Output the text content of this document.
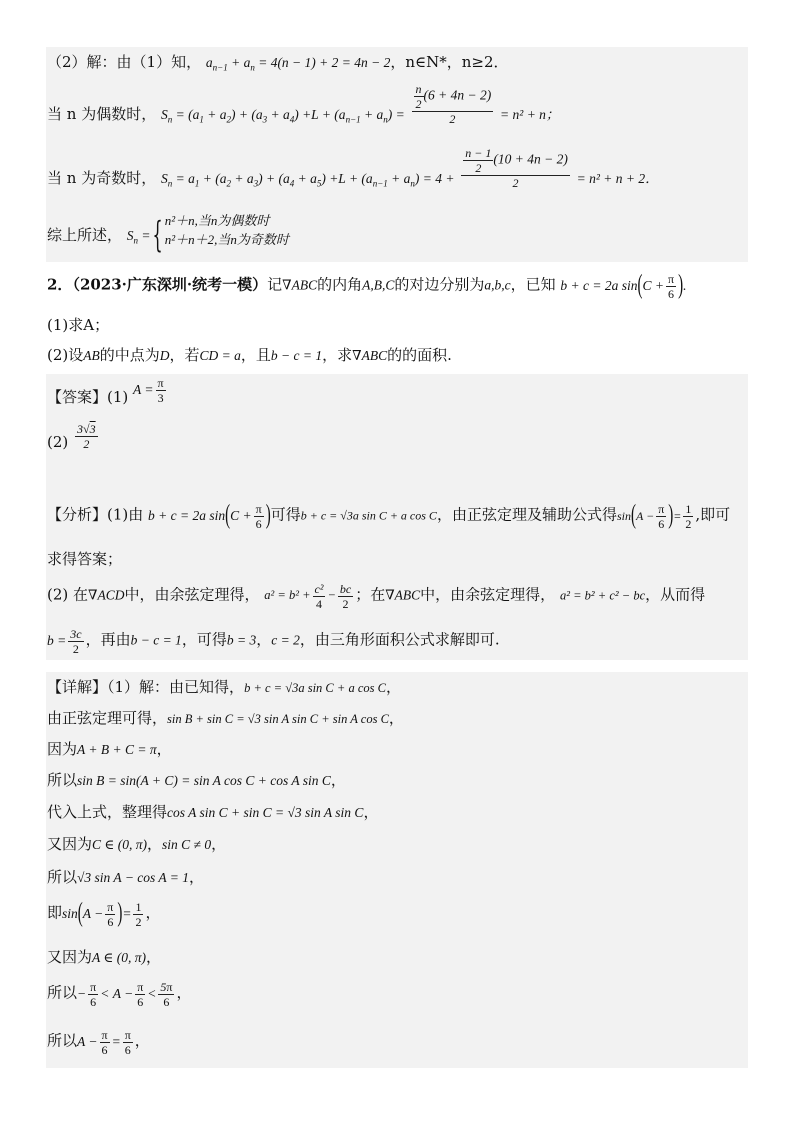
（2）解：由（1）知， $a_{n-1} + a_n = 4(n - 1) + 2 = 4n - 2$，n∈N*，n≥2．
当 n 为偶数时， $S_n = (a_1 + a_2) + (a_3 + a_4) +L + (a_{n-1} + a_n) = \frac{\frac{n}{2} (6 + 4n - 2)}{2} = n^2 + n$；
当 n 为奇数时， $S_n = a_1 + (a_2 + a_3) + (a_4 + a_5) +L + (a_{n-1} + a_n) = 4 + \frac{\frac{n - 1}{2} (10 + 4n - 2)}{2} = n^2 + n + 2$．
综上所述， $S_n$ = { n²＋n,当n为偶数时
n²＋n＋2,当n为奇数时
2．（2023·广东深圳·统考一模）记∇ABC的内角A,B,C的对边分别为a,b,c，已知 b + c = 2a $\sin(C + \frac{\pi}{6}$ ).
(1)求A；
(2)设AB的中点为D，若CD = a，且b − c = 1，求∇ABC的的面积.
【答案】(1) $A = \frac{\pi}{3}$
$(2) \frac{3√3}{2}$
【分析】(1)由 b + c = 2a $\sin(C + \frac{\pi}{6}$ )可得b + c = √3a sin C + a cos C，由正弦定理及辅助公式得$\sin(A - \frac{\pi}{6}$ )= $\frac{1}{2}$ ,即可
求得答案；
(2) 在∇ACD中，由余弦定理得， $a^2 = b^2 + \frac{\text{c²}}{4} - \frac{bc}{2}$ ；在∇ABC中，由余弦定理得， a² = b² + c² − bc，从而得
$b = \frac{3c}{2}$ ，再由b − c = 1，可得b = 3，c = 2，由三角形面积公式求解即可.
【详解】（1）解：由已知得，b + c = √3a sin C + a cos C，
由正弦定理可得，sin B + sin C = √3 sin A sin C + sin A cos C，
因为A + B + C = π，
所以sin B = sin(A + C) = sin A cos C + cos A sin C，
代入上式，整理得cos A sin C + sin C = √3 sin A sin C，
又因为C ∈ (0, π)，sin C ≠ 0，
所以√3 sin A − cos A = 1，
即$\sin(A - \frac{\pi}{6}$ )= $\frac{1}{2}$ ，
又因为A ∈ (0, π)，
所以− $\frac{\pi}{6} < A - \frac{\pi}{6} < \frac{5\pi}{6}$ ，
所以$A - \frac{\pi}{6} = \frac{\pi}{6}$ ，
